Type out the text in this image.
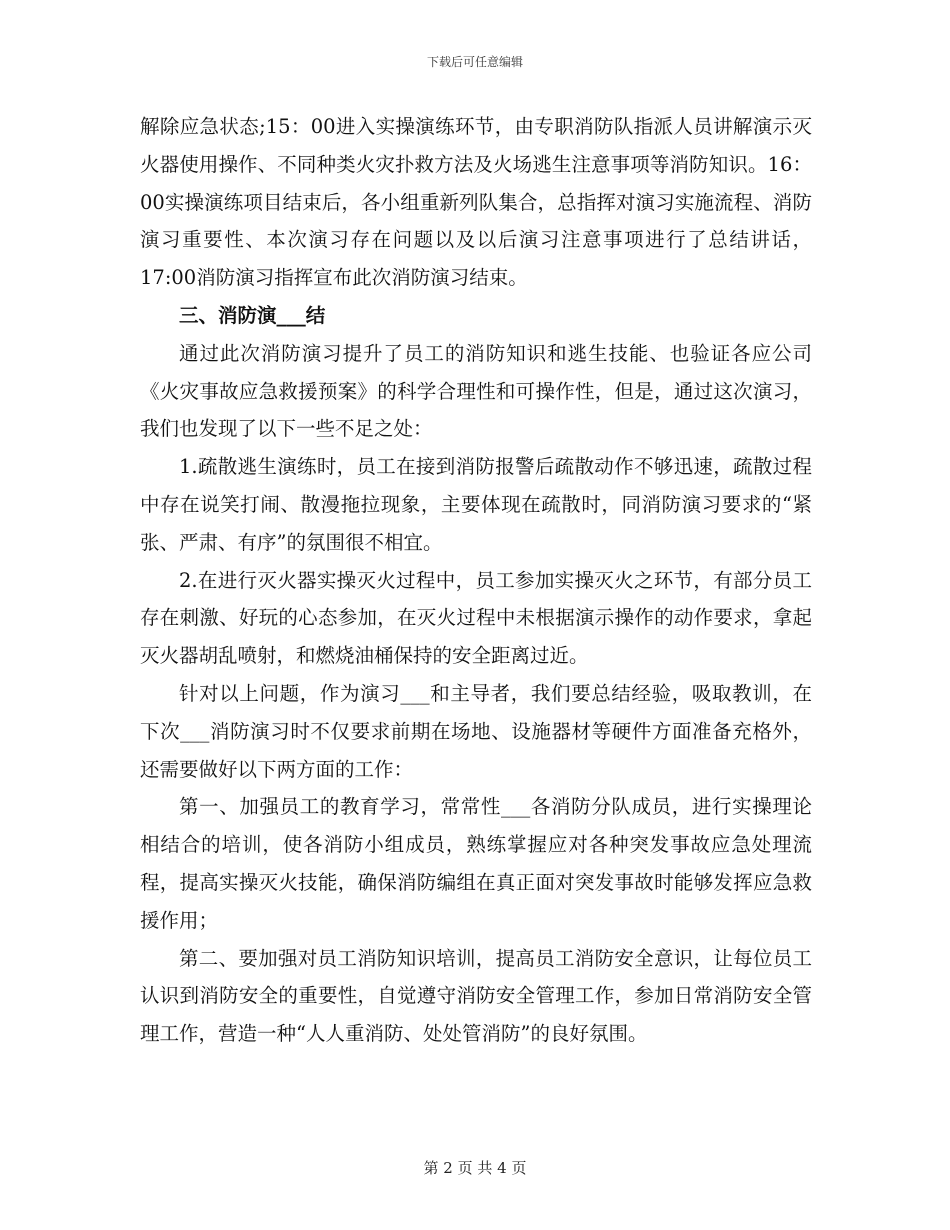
下载后可任意编辑

解除应急状态;15：00进入实操演练环节，由专职消防队指派人员讲解演示灭火器使用操作、不同种类火灾扑救方法及火场逃生注意事项等消防知识。16：00实操演练项目结束后，各小组重新列队集合，总指挥对演习实施流程、消防演习重要性、本次演习存在问题以及以后演习注意事项进行了总结讲话，17:00消防演习指挥宣布此次消防演习结束。

三、消防演___结

通过此次消防演习提升了员工的消防知识和逃生技能、也验证各应公司《火灾事故应急救援预案》的科学合理性和可操作性，但是，通过这次演习，我们也发现了以下一些不足之处：

1.疏散逃生演练时，员工在接到消防报警后疏散动作不够迅速，疏散过程中存在说笑打闹、散漫拖拉现象，主要体现在疏散时，同消防演习要求的“紧张、严肃、有序”的氛围很不相宜。

2.在进行灭火器实操灭火过程中，员工参加实操灭火之环节，有部分员工存在刺激、好玩的心态参加，在灭火过程中未根据演示操作的动作要求，拿起灭火器胡乱喷射，和燃烧油桶保持的安全距离过近。

针对以上问题，作为演习___和主导者，我们要总结经验，吸取教训，在下次___消防演习时不仅要求前期在场地、设施器材等硬件方面准备充格外，还需要做好以下两方面的工作：

第一、加强员工的教育学习，常常性___各消防分队成员，进行实操理论相结合的培训，使各消防小组成员，熟练掌握应对各种突发事故应急处理流程，提高实操灭火技能，确保消防编组在真正面对突发事故时能够发挥应急救援作用；

第二、要加强对员工消防知识培训，提高员工消防安全意识，让每位员工认识到消防安全的重要性，自觉遵守消防安全管理工作，参加日常消防安全管理工作，营造一种“人人重消防、处处管消防”的良好氛围。

第 2 页 共 4 页
